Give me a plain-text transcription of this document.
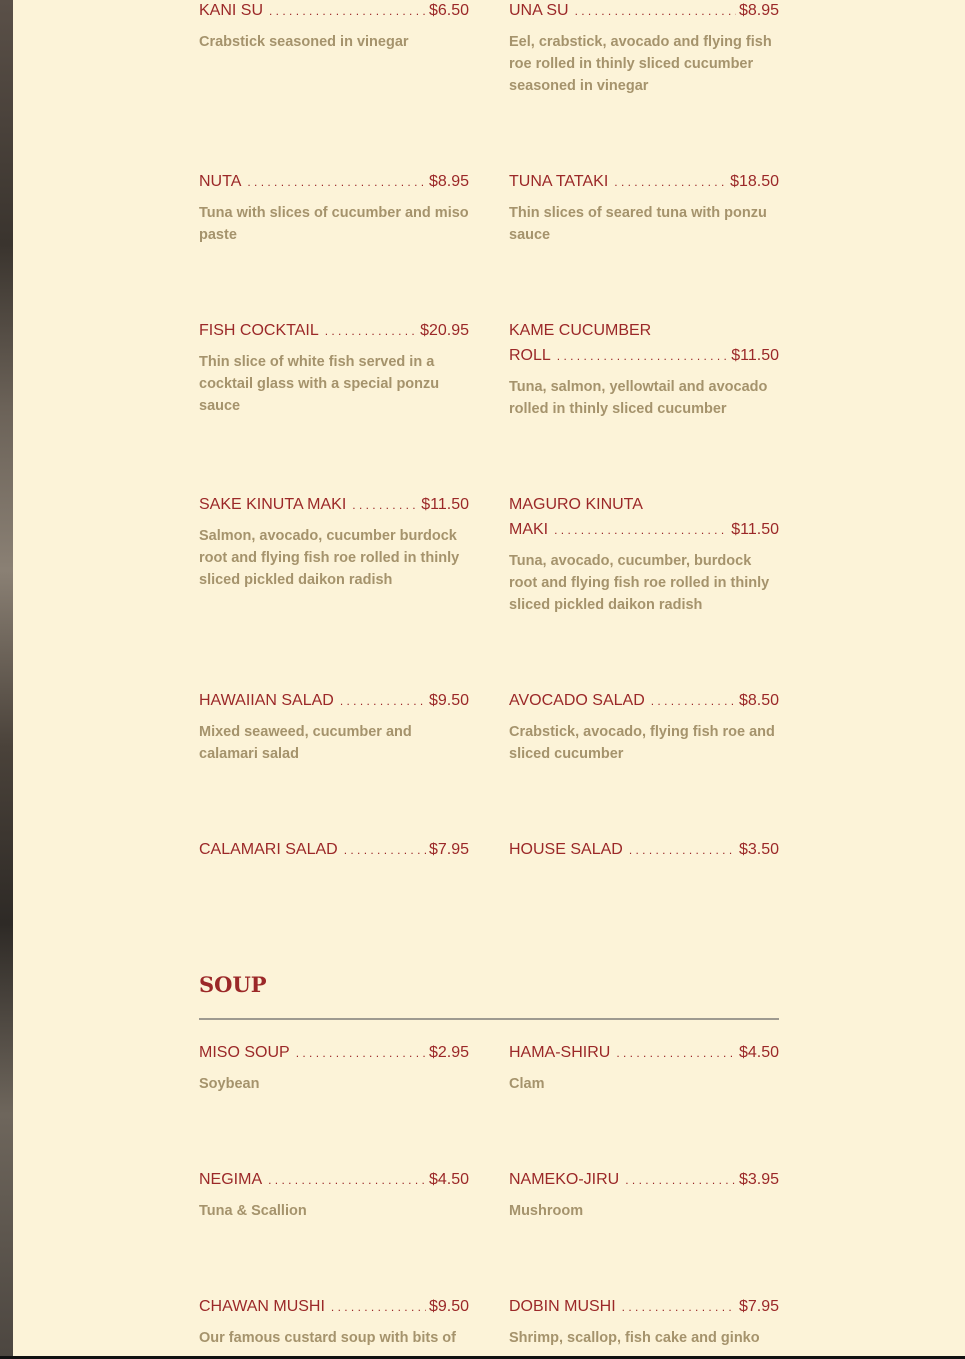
KANI SU . . .	$6.50
Crabstick seasoned in vinegar
UNA SU . . .	$8.95
Eel, crabstick, avocado and flying fish roe rolled in thinly sliced cucumber seasoned in vinegar
NUTA . . .	$8.95
Tuna with slices of cucumber and miso paste
TUNA TATAKI . . .	$18.50
Thin slices of seared tuna with ponzu sauce
FISH COCKTAIL . . .	$20.95
Thin slice of white fish served in a cocktail glass with a special ponzu sauce
KAME CUCUMBER
ROLL . . .	$11.50
Tuna, salmon, yellowtail and avocado rolled in thinly sliced cucumber
SAKE KINUTA MAKI . . .	$11.50
Salmon, avocado, cucumber burdock root and flying fish roe rolled in thinly sliced pickled daikon radish
MAGURO KINUTA
MAKI . . .	$11.50
Tuna, avocado, cucumber, burdock root and flying fish roe rolled in thinly sliced pickled daikon radish
HAWAIIAN SALAD . . .	$9.50
Mixed seaweed, cucumber and calamari salad
AVOCADO SALAD . . .	$8.50
Crabstick, avocado, flying fish roe and sliced cucumber
CALAMARI SALAD . . .	$7.95	HOUSE SALAD . . .	$3.50
SOUP
MISO SOUP . . .	$2.95
Soybean
HAMA-SHIRU . . .	$4.50
Clam
NEGIMA . . .	$4.50
Tuna & Scallion
NAMEKO-JIRU . . .	$3.95
Mushroom
CHAWAN MUSHI . . .	$9.50
Our famous custard soup with bits of
DOBIN MUSHI . . .	$7.95
Shrimp, scallop, fish cake and ginko
